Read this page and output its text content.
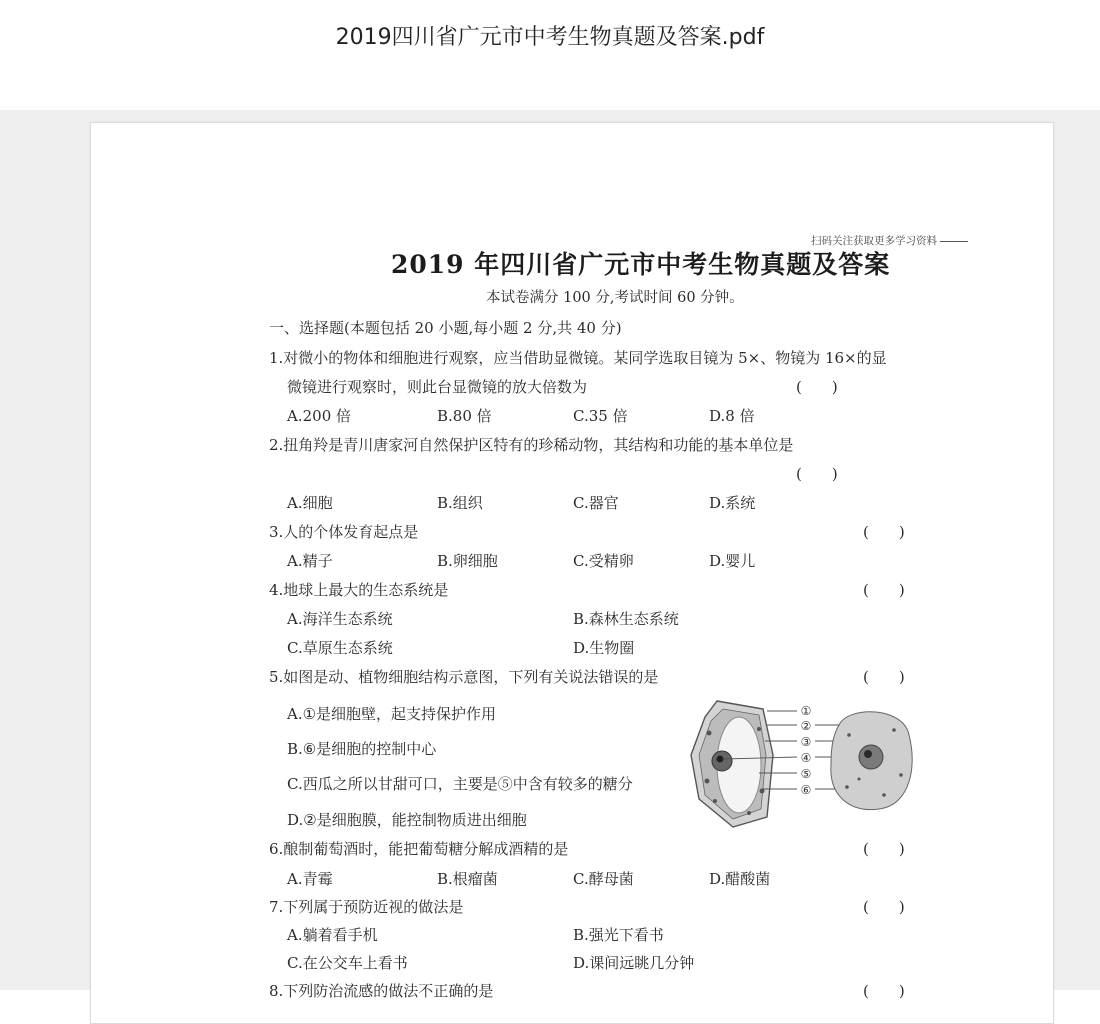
2019四川省广元市中考生物真题及答案.pdf
扫码关注获取更多学习资料
2019 年四川省广元市中考生物真题及答案
本试卷满分 100 分,考试时间 60 分钟。
一、选择题(本题包括 20 小题,每小题 2 分,共 40 分)
1.对微小的物体和细胞进行观察，应当借助显微镜。某同学选取目镜为 5×、物镜为 16×的显
微镜进行观察时，则此台显微镜的放大倍数为	(　　)
A.200 倍	B.80 倍	C.35 倍	D.8 倍
2.扭角羚是青川唐家河自然保护区特有的珍稀动物，其结构和功能的基本单位是
(　　)
A.细胞	B.组织	C.器官	D.系统
3.人的个体发育起点是	(　　)
A.精子	B.卵细胞	C.受精卵	D.婴儿
4.地球上最大的生态系统是	(　　)
A.海洋生态系统	B.森林生态系统
C.草原生态系统	D.生物圈
5.如图是动、植物细胞结构示意图，下列有关说法错误的是	(　　)
A.①是细胞壁，起支持保护作用
B.⑥是细胞的控制中心
C.西瓜之所以甘甜可口，主要是⑤中含有较多的糖分
D.②是细胞膜，能控制物质进出细胞
①
②
③
④
⑤
⑥
6.酿制葡萄酒时，能把葡萄糖分解成酒精的是	(　　)
A.青霉	B.根瘤菌	C.酵母菌	D.醋酸菌
7.下列属于预防近视的做法是	(　　)
A.躺着看手机	B.强光下看书
C.在公交车上看书	D.课间远眺几分钟
8.下列防治流感的做法不正确的是	(　　)
